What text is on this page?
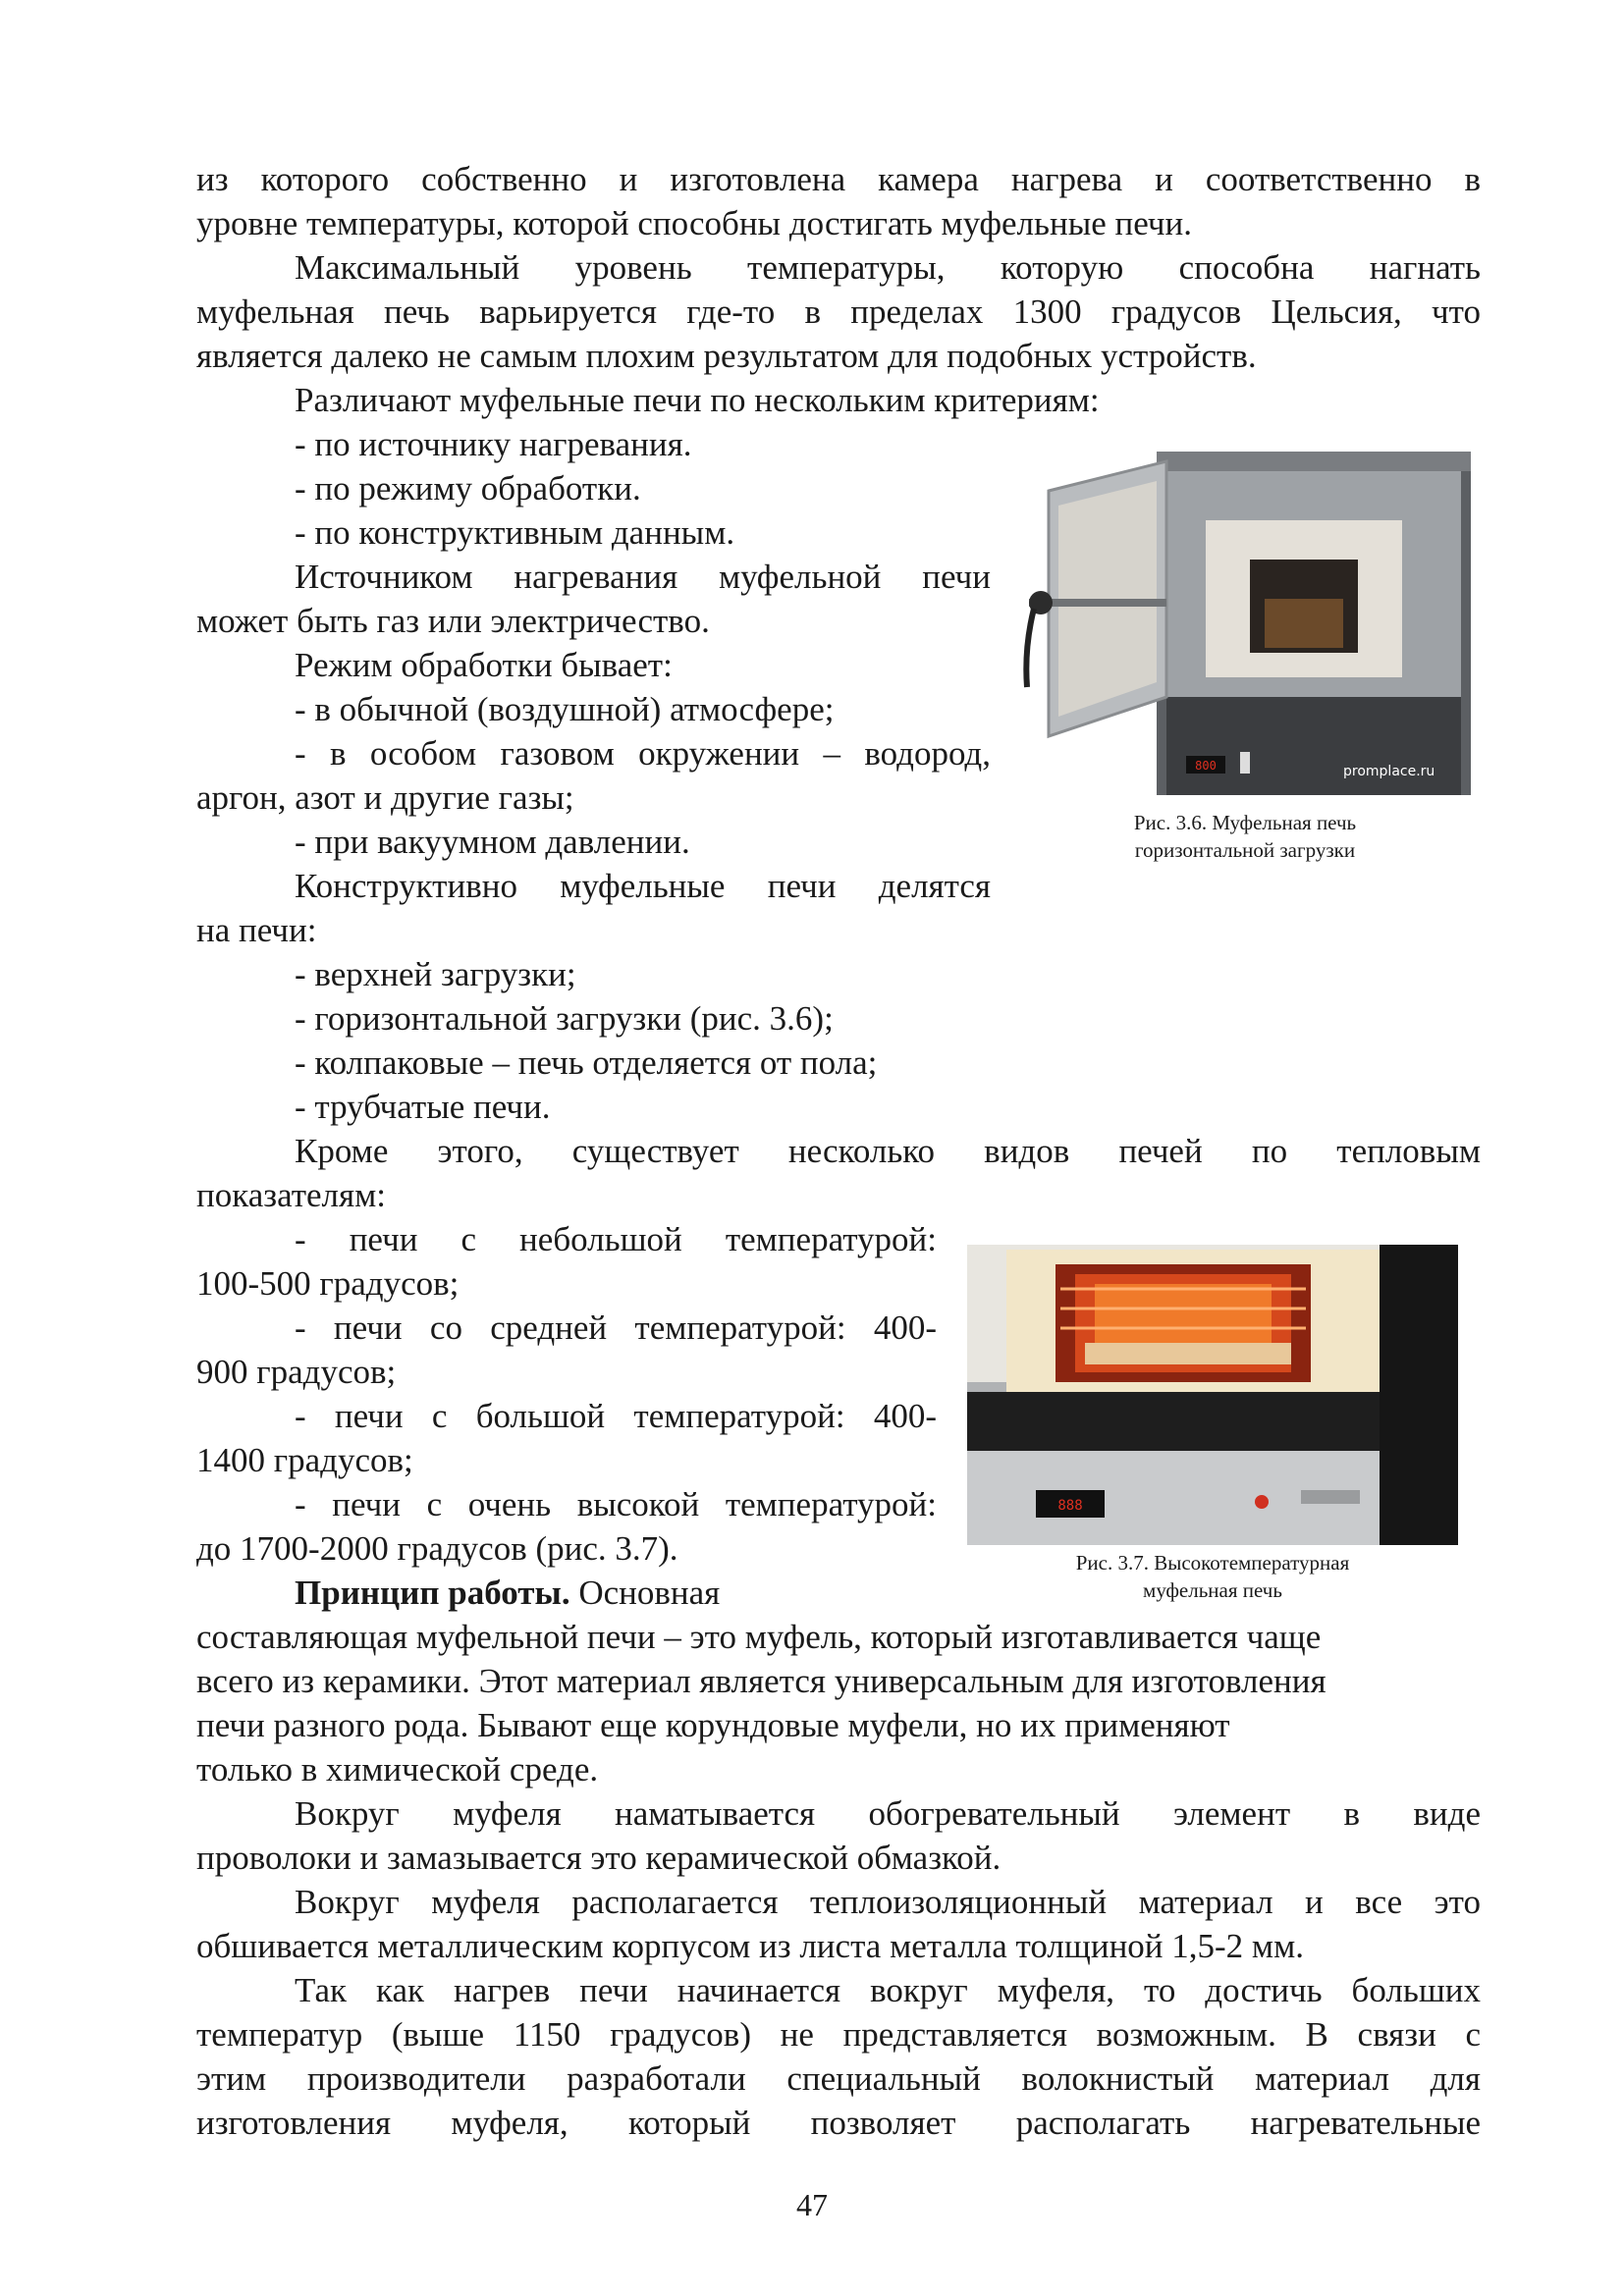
из которого собственно и изготовлена камера нагрева и соответственно в
уровне температуры, которой способны достигать муфельные печи.
Максимальный уровень температуры, которую способна нагнать
муфельная печь варьируется где-то в пределах 1300 градусов Цельсия, что
является далеко не самым плохим результатом для подобных устройств.
Различают муфельные печи по нескольким критериям:
- по источнику нагревания.
- по режиму обработки.
- по конструктивным данным.
Источником нагревания муфельной печи
может быть газ или электричество.
Режим обработки бывает:
- в обычной (воздушной) атмосфере;
- в особом газовом окружении – водород,
аргон, азот и другие газы;
- при вакуумном давлении.
Конструктивно муфельные печи делятся
на печи:
- верхней загрузки;
- горизонтальной загрузки (рис. 3.6);
- колпаковые – печь отделяется от пола;
- трубчатые печи.
Кроме этого, существует несколько видов печей по тепловым
показателям:
- печи с небольшой температурой:
100-500 градусов;
- печи со средней температурой: 400-
900 градусов;
- печи с большой температурой: 400-
1400 градусов;
- печи с очень высокой температурой:
до 1700-2000 градусов (рис. 3.7).
Принцип работы. Основная
составляющая муфельной печи – это муфель, который изготавливается чаще
всего из керамики. Этот материал является универсальным для изготовления
печи разного рода. Бывают еще корундовые муфели, но их применяют
только в химической среде.
Вокруг муфеля наматывается обогревательный элемент в виде
проволоки и замазывается это керамической обмазкой.
Вокруг муфеля располагается теплоизоляционный материал и все это
обшивается металлическим корпусом из листа металла толщиной 1,5-2 мм.
Так как нагрев печи начинается вокруг муфеля, то достичь больших
температур (выше 1150 градусов) не представляется возможным. В связи с
этим производители разработали специальный волокнистый материал для
изготовления муфеля, который позволяет располагать нагревательные
800	promplace.ru
Рис. 3.6. Муфельная печь
горизонтальной загрузки
888
Рис. 3.7. Высокотемпературная
муфельная печь
47
